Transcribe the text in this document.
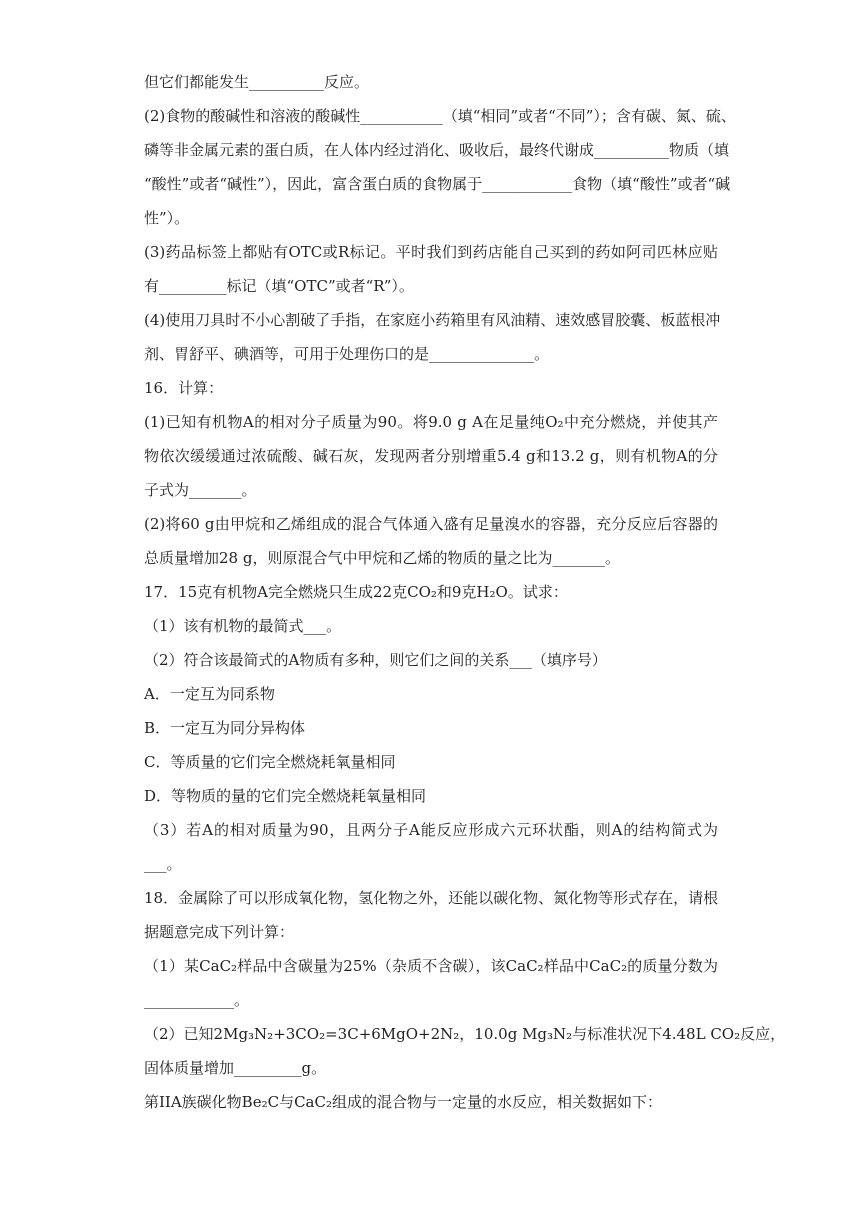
但它们都能发生__________反应。
(2)食物的酸碱性和溶液的酸碱性___________（填“相同”或者“不同”）；含有碳、氮、硫、
磷等非金属元素的蛋白质，在人体内经过消化、吸收后，最终代谢成__________物质（填
“酸性”或者“碱性”），因此，富含蛋白质的食物属于____________食物（填“酸性”或者“碱
性”）。
(3)药品标签上都贴有OTC或R标记。平时我们到药店能自己买到的药如阿司匹林应贴
有_________标记（填“OTC”或者“R”）。
(4)使用刀具时不小心割破了手指，在家庭小药箱里有风油精、速效感冒胶囊、板蓝根冲
剂、胃舒平、碘酒等，可用于处理伤口的是______________。
16．计算：
(1)已知有机物A的相对分子质量为90。将9.0 g A在足量纯O₂中充分燃烧，并使其产
物依次缓缓通过浓硫酸、碱石灰，发现两者分别增重5.4 g和13.2 g，则有机物A的分
子式为_______。
(2)将60 g由甲烷和乙烯组成的混合气体通入盛有足量溴水的容器，充分反应后容器的
总质量增加28 g，则原混合气中甲烷和乙烯的物质的量之比为_______。
17．15克有机物A完全燃烧只生成22克CO₂和9克H₂O。试求：
（1）该有机物的最简式___。
（2）符合该最简式的A物质有多种，则它们之间的关系___（填序号）
A．一定互为同系物
B．一定互为同分异构体
C．等质量的它们完全燃烧耗氧量相同
D．等物质的量的它们完全燃烧耗氧量相同
（3）若A的相对质量为90，且两分子A能反应形成六元环状酯，则A的结构简式为
___。
18．金属除了可以形成氧化物，氢化物之外，还能以碳化物、氮化物等形式存在，请根
据题意完成下列计算：
（1）某CaC₂样品中含碳量为25%（杂质不含碳），该CaC₂样品中CaC₂的质量分数为
____________。
（2）已知2Mg₃N₂+3CO₂=3C+6MgO+2N₂，10.0g Mg₃N₂与标准状况下4.48L CO₂反应，
固体质量增加_________g。
第IIA族碳化物Be₂C与CaC₂组成的混合物与一定量的水反应，相关数据如下：
